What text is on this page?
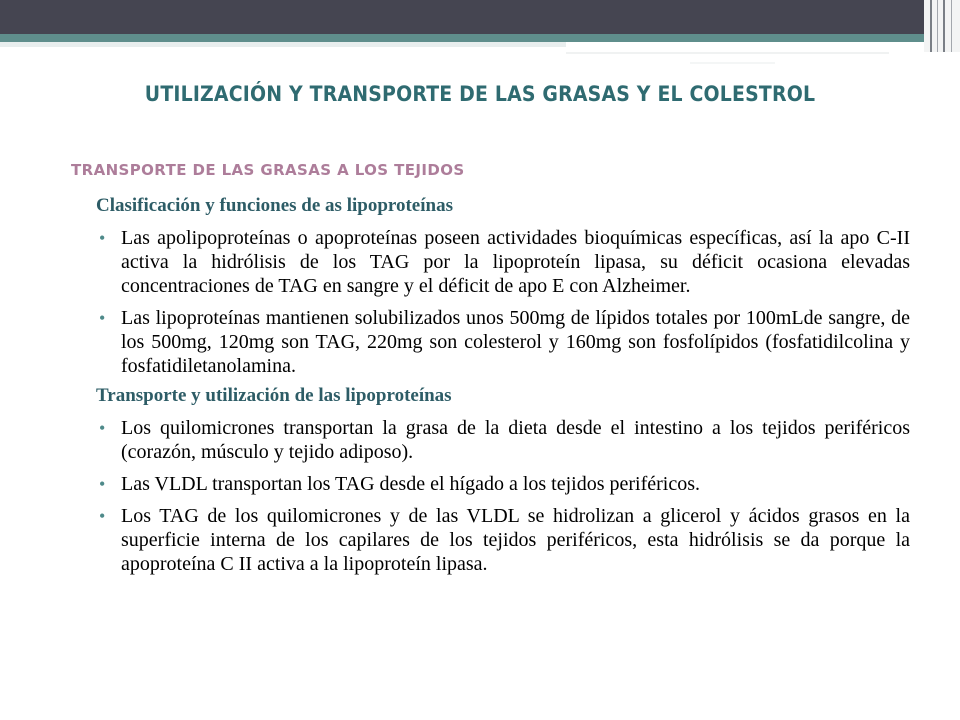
UTILIZACIÓN Y TRANSPORTE DE LAS GRASAS Y EL COLESTROL
TRANSPORTE DE LAS GRASAS A LOS TEJIDOS

Clasificación y funciones de as lipoproteínas

• Las apolipoproteínas o apoproteínas poseen actividades bioquímicas específicas, así la apo C-II activa la hidrólisis de los TAG por la lipoproteín lipasa, su déficit ocasiona elevadas concentraciones de TAG en sangre y el déficit de apo E con Alzheimer.
• Las lipoproteínas mantienen solubilizados unos 500mg de lípidos totales por 100mLde sangre, de los 500mg, 120mg son TAG, 220mg son colesterol y 160mg son fosfolípidos (fosfatidilcolina y fosfatidiletanolamina.

Transporte y utilización de las lipoproteínas

• Los quilomicrones transportan la grasa de la dieta desde el intestino a los tejidos periféricos (corazón, músculo y tejido adiposo).
• Las VLDL transportan los TAG desde el hígado a los tejidos periféricos.
• Los TAG de los quilomicrones y de las VLDL se hidrolizan a glicerol y ácidos grasos en la superficie interna de los capilares de los tejidos periféricos, esta hidrólisis se da porque la apoproteína C II activa a la lipoproteín lipasa.
